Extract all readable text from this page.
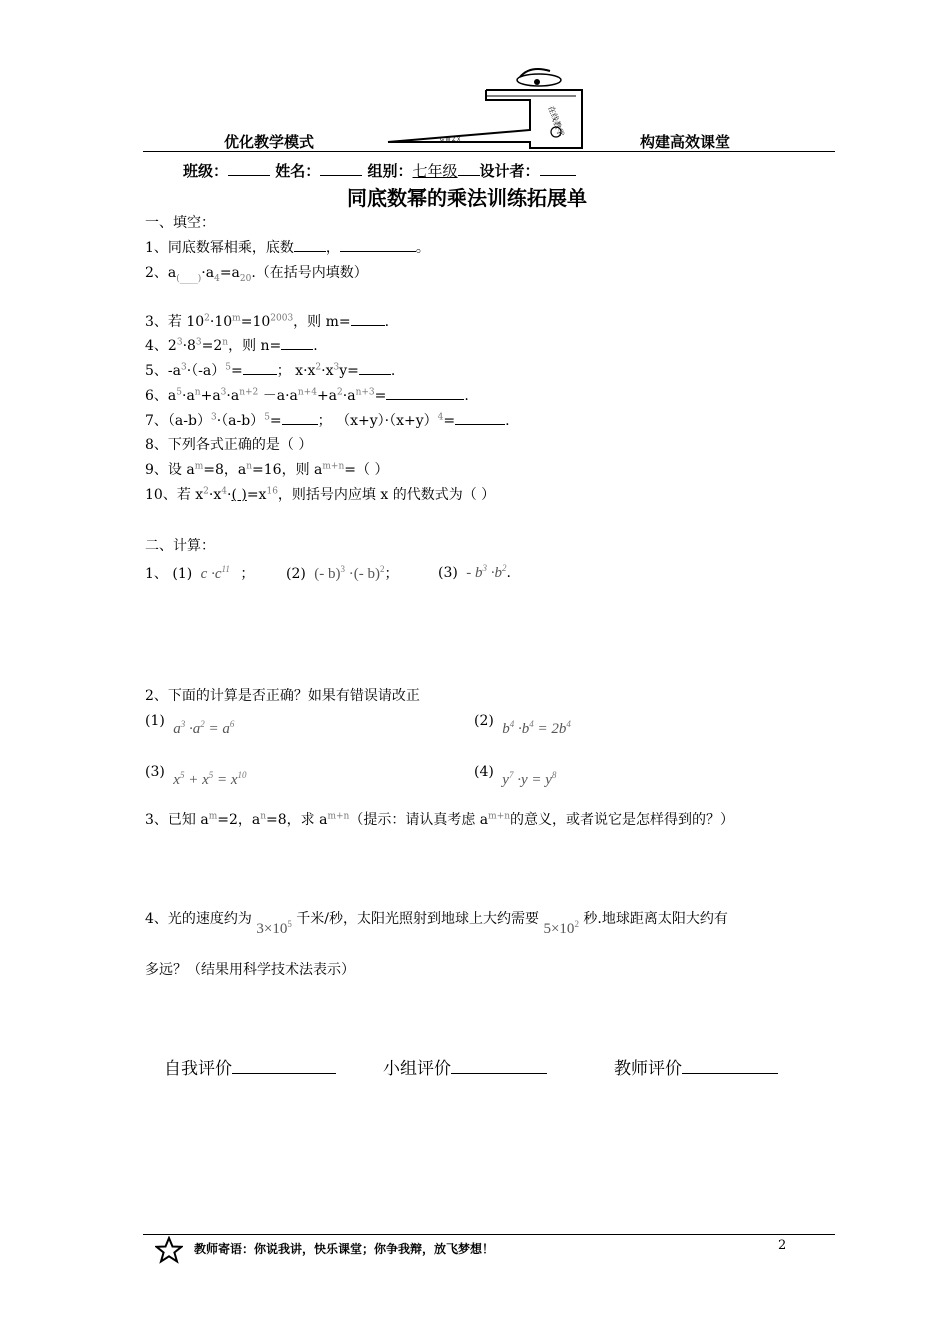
优化教学模式	构建高效课堂
在线教学
G W Z X
班级：	姓名：	组别：七年级 设计者：
同底数幂的乘法训练拓展单
一、填空：
1、同底数幂相乘，底数 ，	。
2、$a_{(\_\_\_\_)}\cdot a_4=a_{20}$.（在括号内填数）
3、若 $10^2\cdot 10^m=10^{2003}$，则 m= .
4、$2^3\cdot 8^3=2^n$，则 n= .
5、$-a^3\cdot(-a)^5=$ ； $x\cdot x^2\cdot x^3y=$ .
6、$a^5\cdot a^n+a^3\cdot a^{n+2} -a\cdot a^{n+4}+a^2\cdot a^{n+3}=$	.
7、$(a-b)^3\cdot(a-b)^5=$	； $(x+y)\cdot(x+y)^4=$	.
8、下列各式正确的是（ ）
9、设 $a^m=8$，$a^n=16$，则 $a^{m+n}=$（ ）
10、若 $x^2\cdot x^4\cdot$( )$=x^{16}$，则括号内应填 x 的代数式为（ ）
二、计算：
1、 (1) $c \cdot c^{11}$ ； (2) (- b)$^3$ ·(- b)$^2$；	$(3) - b^3 \cdot b^2$.
2、下面的计算是否正确？如果有错误请改正
(1) $a^3 \cdot a^2 = a^6$	(2) $b^4 \cdot b^4 = 2b^4$
(3) $x^5 + x^5 = x^{10}$	(4) $y^7 \cdot y = y^8$
3、已知 $a^m=2$，$a^n=8$，求 $a^{m+n}$（提示：请认真考虑 $a^{m+n}$的意义，或者说它是怎样得到的？）
4、光的速度约为 $3\times 10^5$ 千米/秒，太阳光照射到地球上大约需要 $5\times 10^2$ 秒.地球距离太阳大约有
多远？（结果用科学技术法表示）
自我评价	小组评价	教师评价
教师寄语：你说我讲，快乐课堂；你争我辩，放飞梦想！	2
